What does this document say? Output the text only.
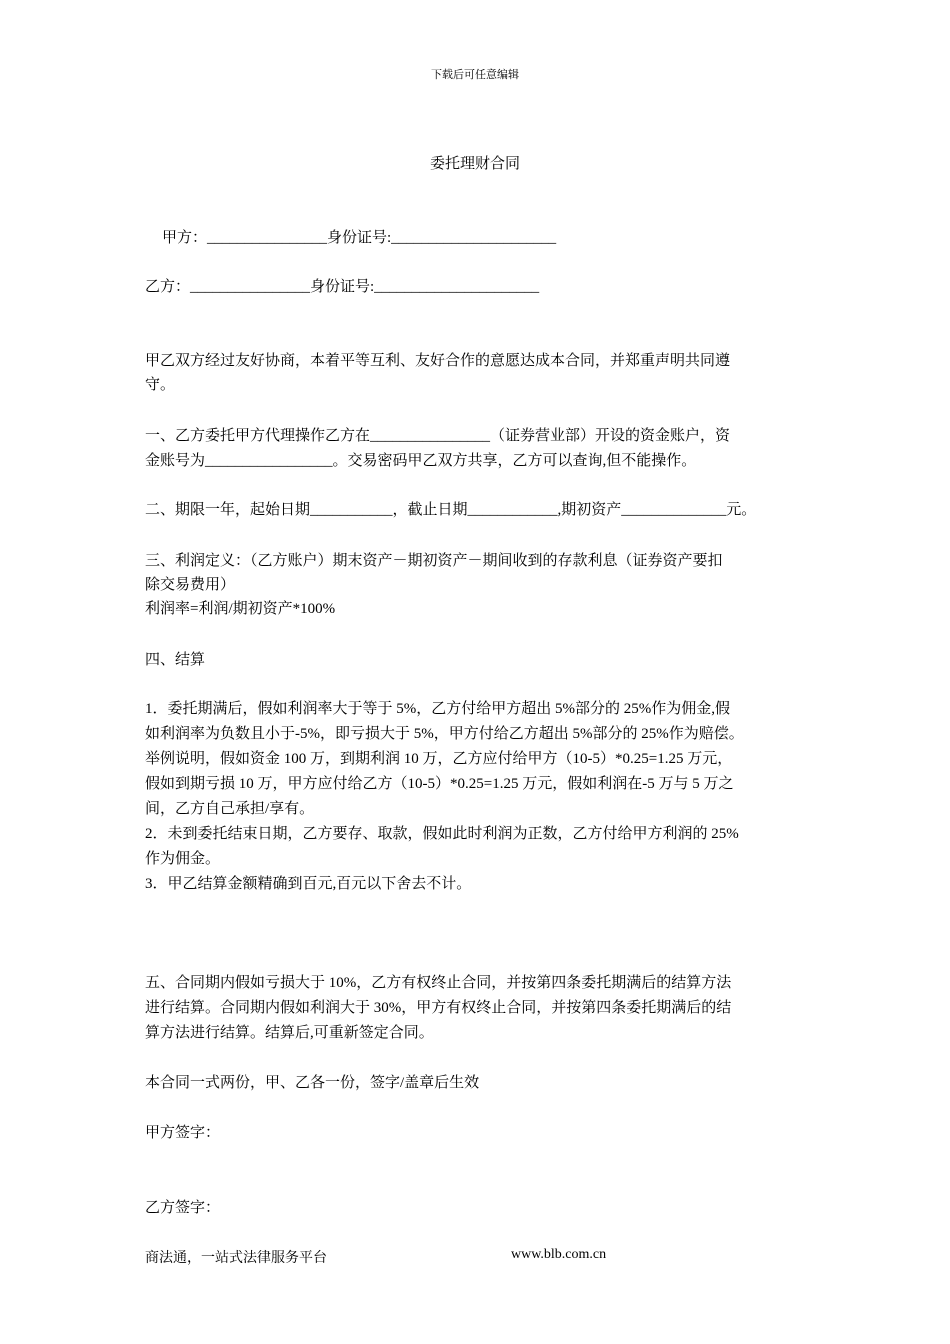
下载后可任意编辑
委托理财合同
甲方：________________身份证号:______________________
乙方：________________身份证号:______________________
甲乙双方经过友好协商，本着平等互利、友好合作的意愿达成本合同，并郑重声明共同遵
守。
一、乙方委托甲方代理操作乙方在________________（证券营业部）开设的资金账户，资
金账号为_________________。交易密码甲乙双方共享，乙方可以查询,但不能操作。
二、期限一年，起始日期___________，截止日期____________,期初资产______________元。
三、利润定义：（乙方账户）期末资产－期初资产－期间收到的存款利息（证券资产要扣
除交易费用）
利润率=利润/期初资产*100%
四、结算
1．委托期满后，假如利润率大于等于 5%，乙方付给甲方超出 5%部分的 25%作为佣金,假
如利润率为负数且小于-5%，即亏损大于 5%，甲方付给乙方超出 5%部分的 25%作为赔偿。
举例说明，假如资金 100 万，到期利润 10 万，乙方应付给甲方（10-5）*0.25=1.25 万元，
假如到期亏损 10 万，甲方应付给乙方（10-5）*0.25=1.25 万元，假如利润在-5 万与 5 万之
间，乙方自己承担/享有。
2．未到委托结束日期，乙方要存、取款，假如此时利润为正数，乙方付给甲方利润的 25%
作为佣金。
3．甲乙结算金额精确到百元,百元以下舍去不计。
五、合同期内假如亏损大于 10%，乙方有权终止合同，并按第四条委托期满后的结算方法
进行结算。合同期内假如利润大于 30%，甲方有权终止合同，并按第四条委托期满后的结
算方法进行结算。结算后,可重新签定合同。
本合同一式两份，甲、乙各一份，签字/盖章后生效
甲方签字：
乙方签字：
商法通，一站式法律服务平台	www.blb.com.cn
